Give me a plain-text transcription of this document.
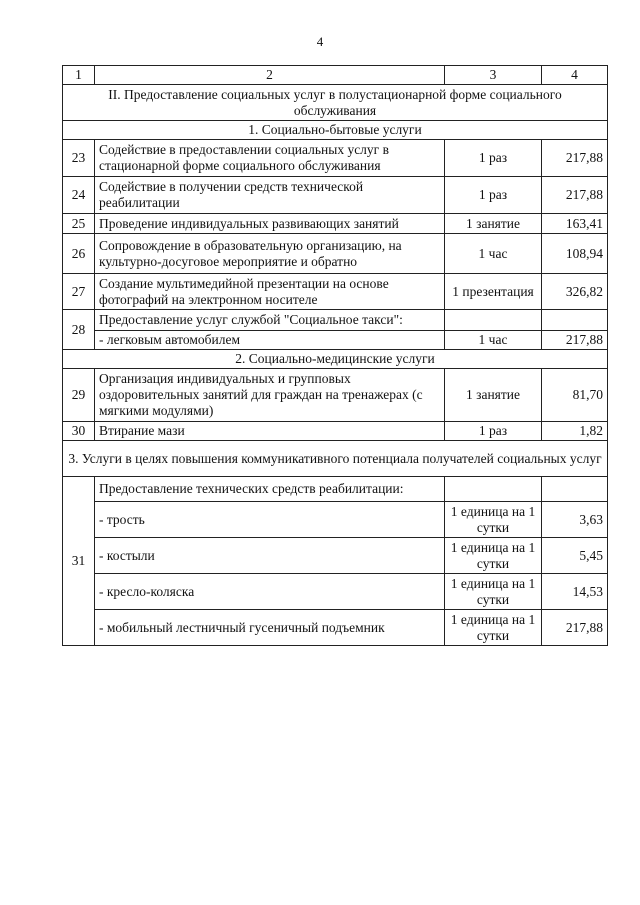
4
1	2	3	4
II. Предоставление социальных услуг в полустационарной форме социального обслуживания			
1. Социально-бытовые услуги			
23	Содействие в предоставлении социальных услуг в стационарной форме социального обслуживания	1 раз	217,88
24	Содействие в получении средств технической реабилитации	1 раз	217,88
25	Проведение индивидуальных развивающих занятий	1 занятие	163,41
26	Сопровождение в образовательную организацию, на культурно-досуговое мероприятие и обратно	1 час	108,94
27	Создание мультимедийной презентации на основе фотографий на электронном носителе	1 презентация	326,82
28	Предоставление услуг службой "Социальное такси":		
	- легковым автомобилем	1 час	217,88
2. Социально-медицинские услуги			
29	Организация индивидуальных и групповых оздоровительных занятий для граждан на тренажерах (с мягкими модулями)	1 занятие	81,70
30	Втирание мази	1 раз	1,82
3. Услуги в целях повышения коммуникативного потенциала получателей социальных услуг			
31	Предоставление технических средств реабилитации:		
	- трость	1 единица на 1 сутки	3,63
	- костыли	1 единица на 1 сутки	5,45
	- кресло-коляска	1 единица на 1 сутки	14,53
	- мобильный лестничный гусеничный подъемник	1 единица на 1 сутки	217,88
